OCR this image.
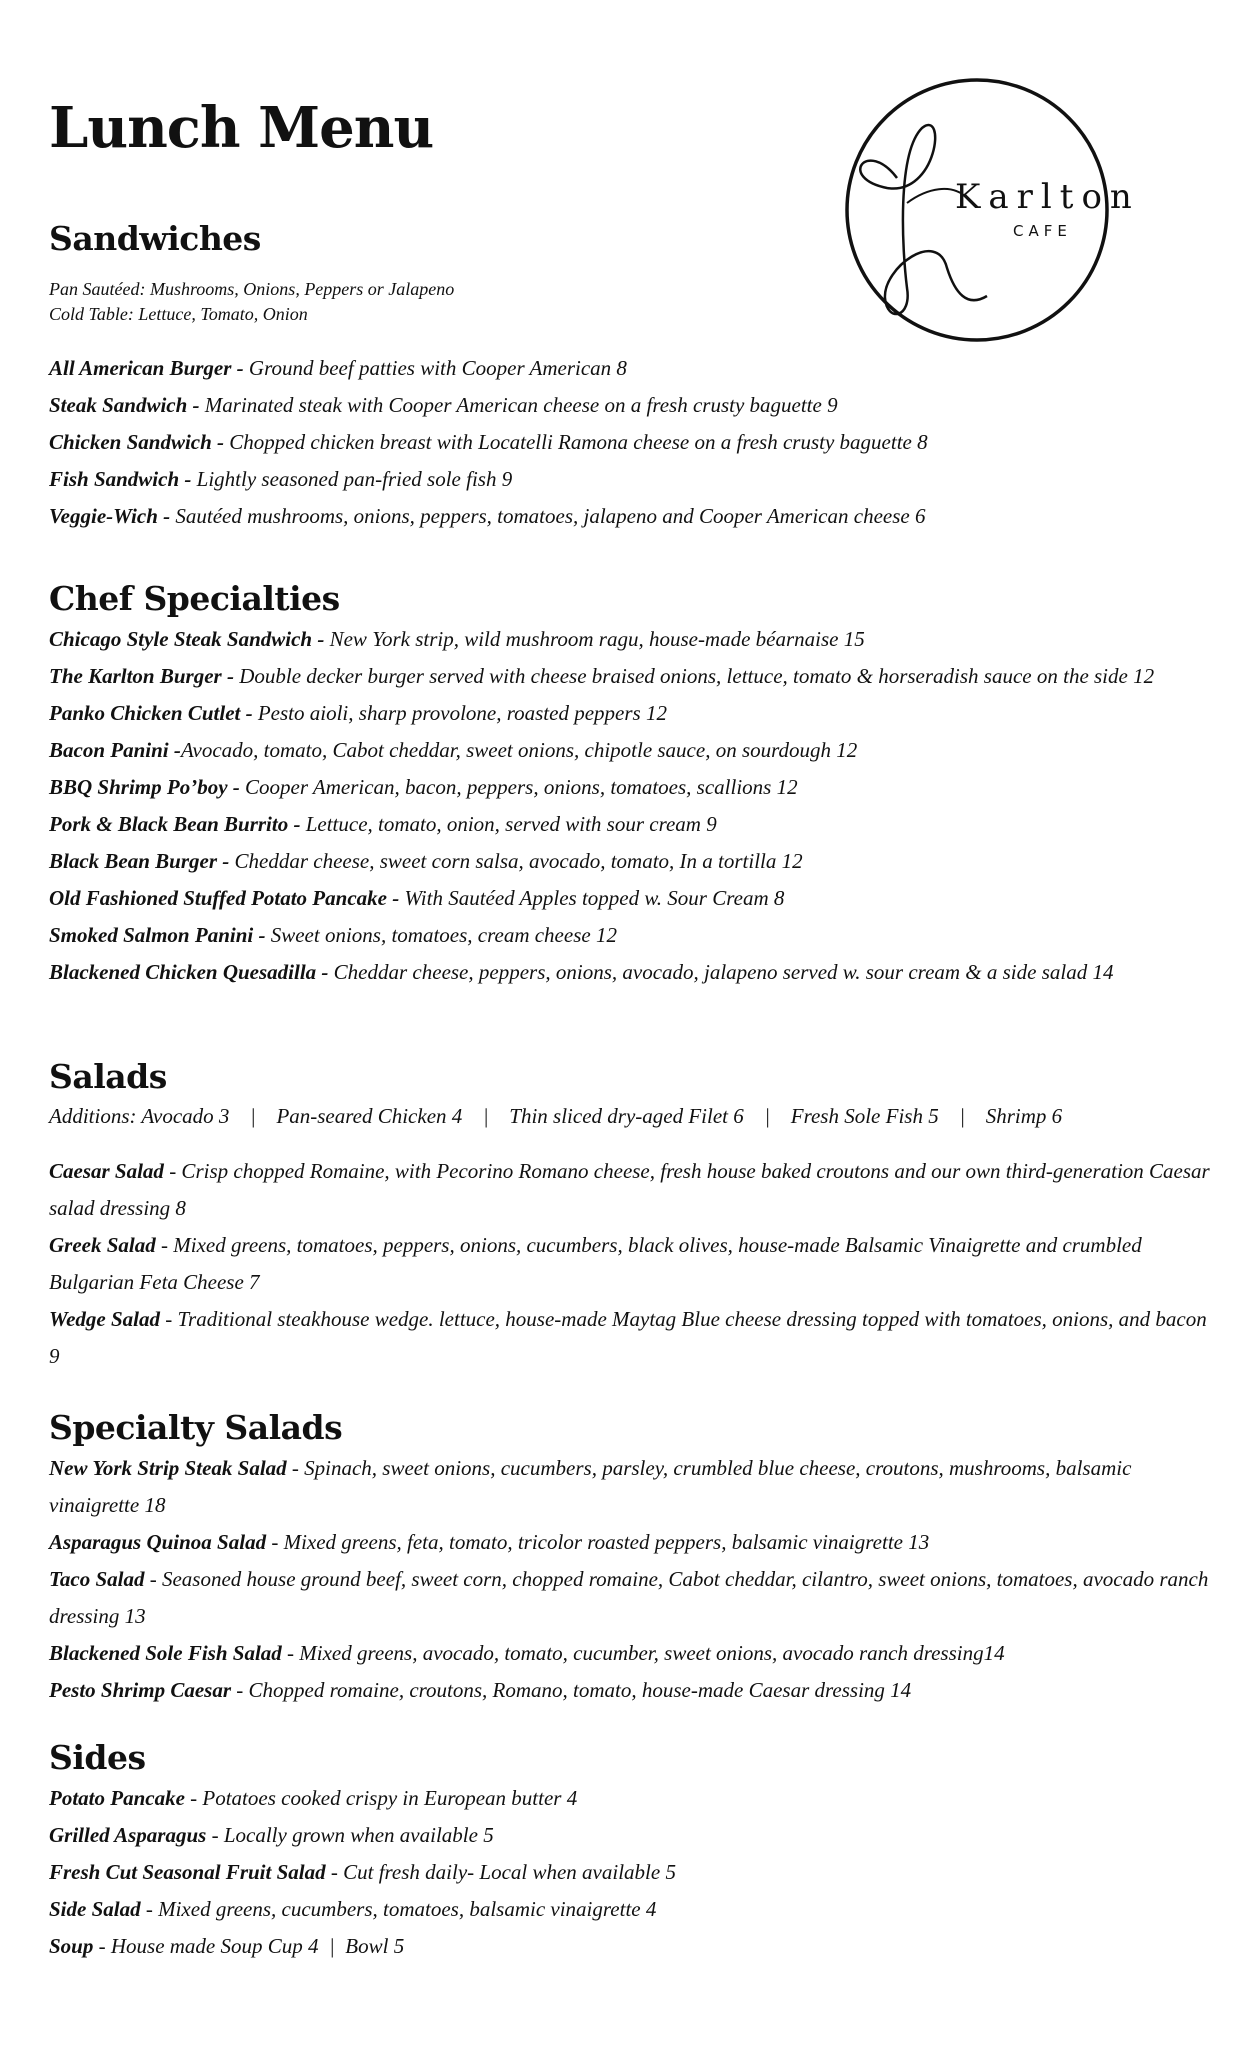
Lunch Menu
Karlton
CAFE
Sandwiches
Pan Sautéed: Mushrooms, Onions, Peppers or Jalapeno
Cold Table: Lettuce, Tomato, Onion
All American Burger - Ground beef patties with Cooper American 8
Steak Sandwich - Marinated steak with Cooper American cheese on a fresh crusty baguette 9
Chicken Sandwich - Chopped chicken breast with Locatelli Ramona cheese on a fresh crusty baguette 8
Fish Sandwich - Lightly seasoned pan-fried sole fish 9
Veggie-Wich - Sautéed mushrooms, onions, peppers, tomatoes, jalapeno and Cooper American cheese 6
Chef Specialties
Chicago Style Steak Sandwich - New York strip, wild mushroom ragu, house-made béarnaise 15
The Karlton Burger - Double decker burger served with cheese braised onions, lettuce, tomato & horseradish sauce on the side 12
Panko Chicken Cutlet - Pesto aioli, sharp provolone, roasted peppers 12
Bacon Panini -Avocado, tomato, Cabot cheddar, sweet onions, chipotle sauce, on sourdough 12
BBQ Shrimp Po’boy - Cooper American, bacon, peppers, onions, tomatoes, scallions 12
Pork & Black Bean Burrito - Lettuce, tomato, onion, served with sour cream 9
Black Bean Burger - Cheddar cheese, sweet corn salsa, avocado, tomato, In a tortilla 12
Old Fashioned Stuffed Potato Pancake - With Sautéed Apples topped w. Sour Cream 8
Smoked Salmon Panini - Sweet onions, tomatoes, cream cheese 12
Blackened Chicken Quesadilla - Cheddar cheese, peppers, onions, avocado, jalapeno served w. sour cream & a side salad 14
Salads
Additions: Avocado 3 | Pan-seared Chicken 4 | Thin sliced dry-aged Filet 6 | Fresh Sole Fish 5 | Shrimp 6
Caesar Salad - Crisp chopped Romaine, with Pecorino Romano cheese, fresh house baked croutons and our own third-generation Caesar salad dressing 8
Greek Salad - Mixed greens, tomatoes, peppers, onions, cucumbers, black olives, house-made Balsamic Vinaigrette and crumbled Bulgarian Feta Cheese 7
Wedge Salad - Traditional steakhouse wedge. lettuce, house-made Maytag Blue cheese dressing topped with tomatoes, onions, and bacon 9
Specialty Salads
New York Strip Steak Salad - Spinach, sweet onions, cucumbers, parsley, crumbled blue cheese, croutons, mushrooms, balsamic vinaigrette 18
Asparagus Quinoa Salad - Mixed greens, feta, tomato, tricolor roasted peppers, balsamic vinaigrette 13
Taco Salad - Seasoned house ground beef, sweet corn, chopped romaine, Cabot cheddar, cilantro, sweet onions, tomatoes, avocado ranch dressing 13
Blackened Sole Fish Salad - Mixed greens, avocado, tomato, cucumber, sweet onions, avocado ranch dressing14
Pesto Shrimp Caesar - Chopped romaine, croutons, Romano, tomato, house-made Caesar dressing 14
Sides
Potato Pancake - Potatoes cooked crispy in European butter 4
Grilled Asparagus - Locally grown when available 5
Fresh Cut Seasonal Fruit Salad - Cut fresh daily- Local when available 5
Side Salad - Mixed greens, cucumbers, tomatoes, balsamic vinaigrette 4
Soup - House made Soup Cup 4  |  Bowl 5
